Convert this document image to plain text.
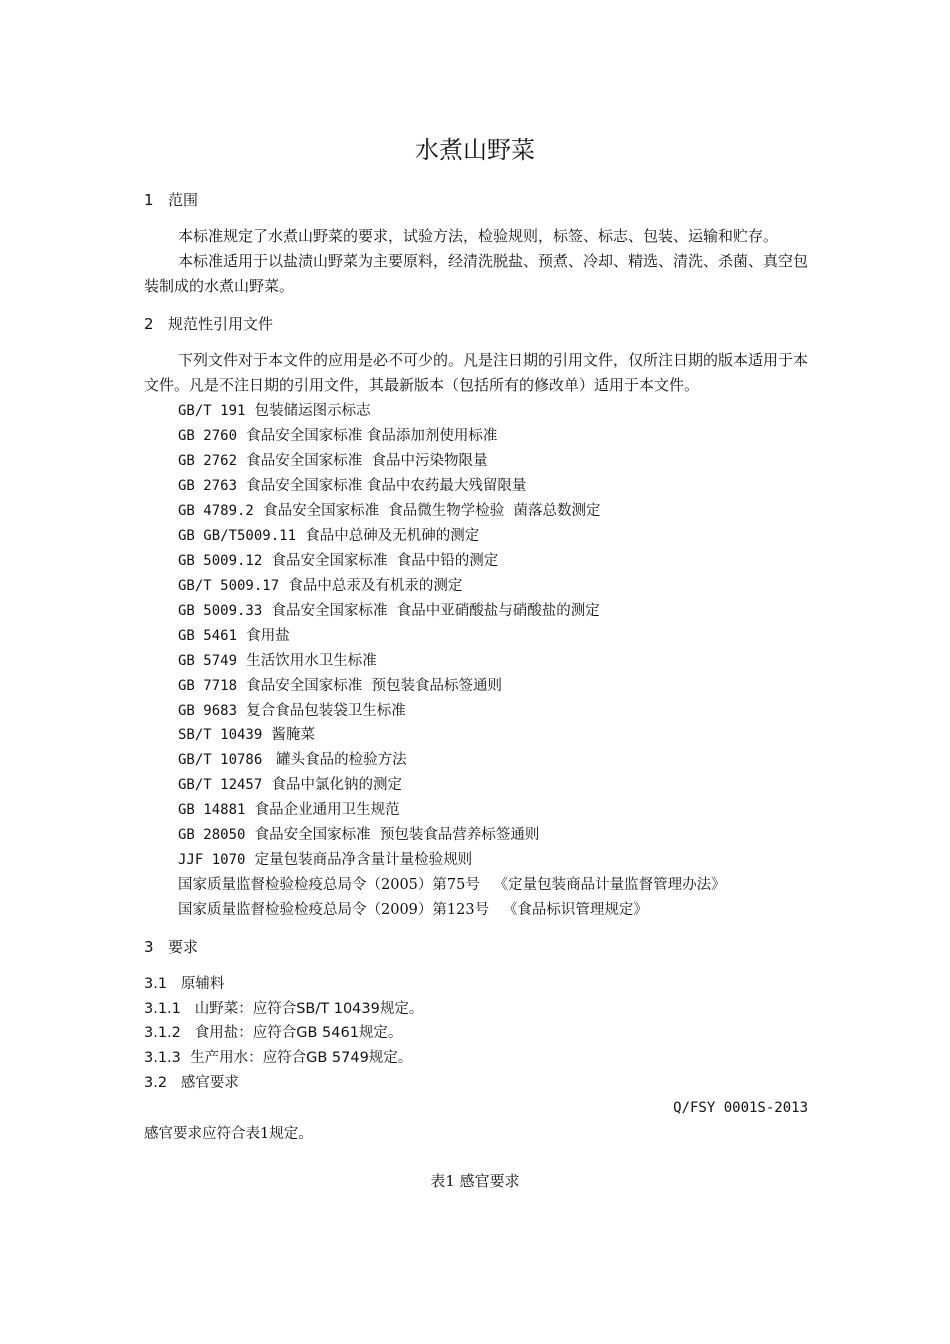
水煮山野菜
1 范围
本标准规定了水煮山野菜的要求，试验方法，检验规则，标签、标志、包装、运输和贮存。
本标准适用于以盐渍山野菜为主要原料，经清洗脱盐、预煮、冷却、精选、清洗、杀菌、真空包装制成的水煮山野菜。
2 规范性引用文件
下列文件对于本文件的应用是必不可少的。凡是注日期的引用文件，仅所注日期的版本适用于本文件。凡是不注日期的引用文件，其最新版本（包括所有的修改单）适用于本文件。
GB/T 191 包装储运图示标志
GB 2760 食品安全国家标准 食品添加剂使用标准
GB 2762 食品安全国家标准  食品中污染物限量
GB 2763 食品安全国家标准 食品中农药最大残留限量
GB 4789.2 食品安全国家标准  食品微生物学检验  菌落总数测定
GB GB/T5009.11 食品中总砷及无机砷的测定
GB 5009.12 食品安全国家标准  食品中铅的测定
GB/T 5009.17 食品中总汞及有机汞的测定
GB 5009.33 食品安全国家标准  食品中亚硝酸盐与硝酸盐的测定
GB 5461 食用盐
GB 5749 生活饮用水卫生标准
GB 7718 食品安全国家标准  预包装食品标签通则
GB 9683 复合食品包装袋卫生标准
SB/T 10439 酱腌菜
GB/T 10786   罐头食品的检验方法
GB/T 12457 食品中氯化钠的测定
GB 14881 食品企业通用卫生规范
GB 28050 食品安全国家标准  预包装食品营养标签通则
JJF 1070 定量包装商品净含量计量检验规则
国家质量监督检验检疫总局令（2005）第75号   《定量包装商品计量监督管理办法》
国家质量监督检验检疫总局令（2009）第123号   《食品标识管理规定》
3 要求
3.1   原辅料
3.1.1   山野菜：应符合SB/T 10439规定。
3.1.2   食用盐：应符合GB 5461规定。
3.1.3  生产用水：应符合GB 5749规定。
3.2   感官要求
Q/FSY 0001S-2013
感官要求应符合表1规定。
表1 感官要求
